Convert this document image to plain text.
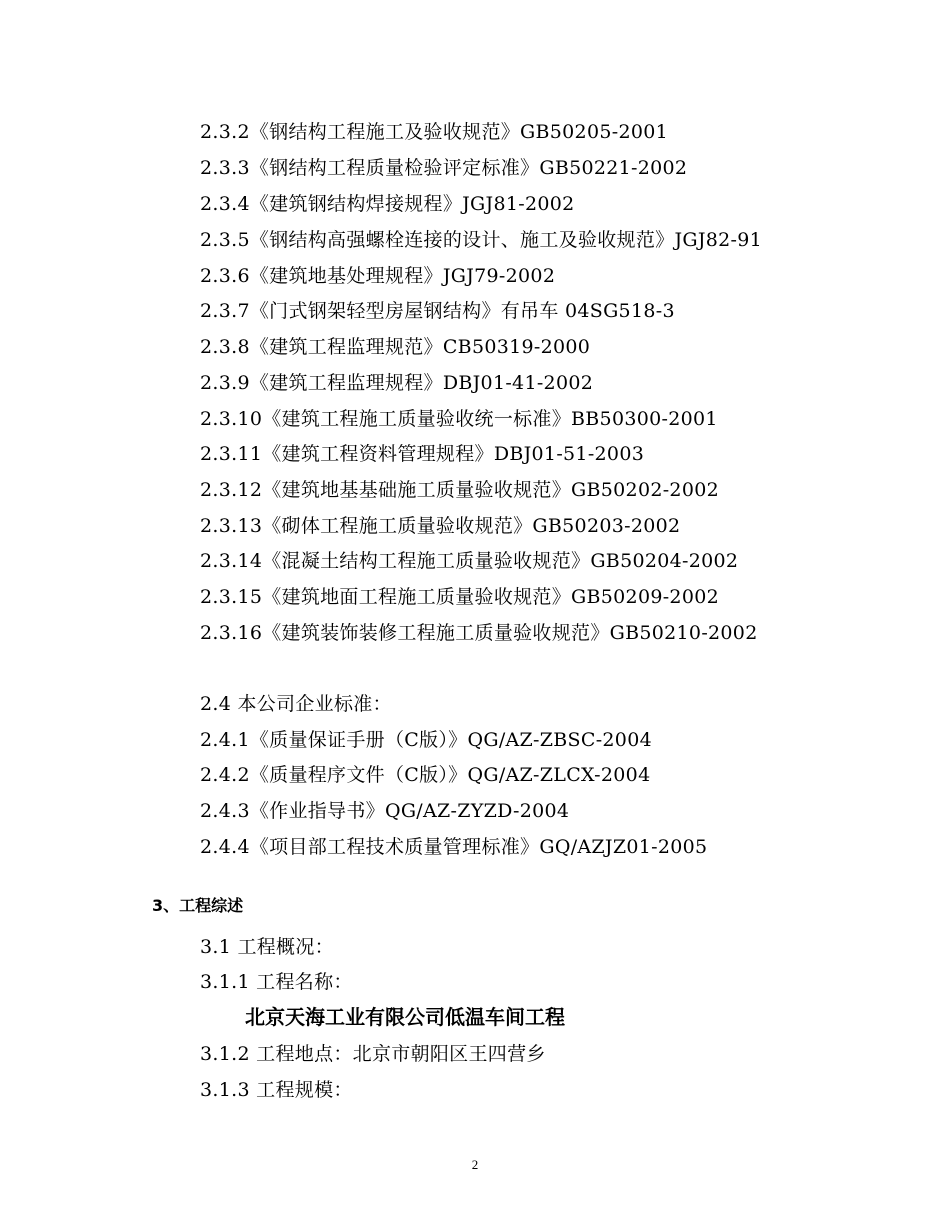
2.3.2《钢结构工程施工及验收规范》GB50205-2001
2.3.3《钢结构工程质量检验评定标准》GB50221-2002
2.3.4《建筑钢结构焊接规程》JGJ81-2002
2.3.5《钢结构高强螺栓连接的设计、施工及验收规范》JGJ82-91
2.3.6《建筑地基处理规程》JGJ79-2002
2.3.7《门式钢架轻型房屋钢结构》有吊车 04SG518-3
2.3.8《建筑工程监理规范》CB50319-2000
2.3.9《建筑工程监理规程》DBJ01-41-2002
2.3.10《建筑工程施工质量验收统一标准》BB50300-2001
2.3.11《建筑工程资料管理规程》DBJ01-51-2003
2.3.12《建筑地基基础施工质量验收规范》GB50202-2002
2.3.13《砌体工程施工质量验收规范》GB50203-2002
2.3.14《混凝土结构工程施工质量验收规范》GB50204-2002
2.3.15《建筑地面工程施工质量验收规范》GB50209-2002
2.3.16《建筑装饰装修工程施工质量验收规范》GB50210-2002
2.4 本公司企业标准：
2.4.1《质量保证手册（C版）》QG/AZ-ZBSC-2004
2.4.2《质量程序文件（C版）》QG/AZ-ZLCX-2004
2.4.3《作业指导书》QG/AZ-ZYZD-2004
2.4.4《项目部工程技术质量管理标准》GQ/AZJZ01-2005
3、工程综述
3.1 工程概况：
3.1.1 工程名称：
北京天海工业有限公司低温车间工程
3.1.2 工程地点：北京市朝阳区王四营乡
3.1.3 工程规模：
2
